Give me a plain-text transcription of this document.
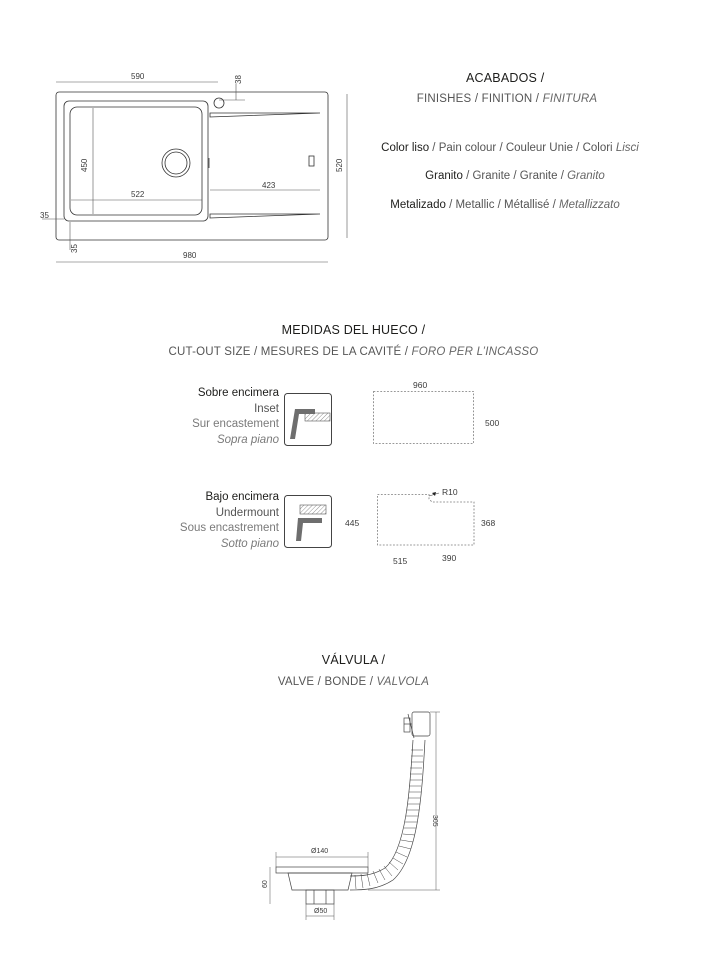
590	38
450	520
522
423
35
35
980
ACABADOS /
FINISHES / FINITION / FINITURA
Color liso / Pain colour / Couleur Unie / Colori Lisci
Granito / Granite / Granite / Granito
Metalizado / Metallic / Métallisé / Metallizzato
MEDIDAS DEL HUECO /
CUT-OUT SIZE / MESURES DE LA CAVITÉ / FORO PER L’INCASSO
Sobre encimera
Inset
Sur encastement
Sopra piano
960
500
Bajo encimera
Undermount
Sous encastrement
Sotto piano
R10
445	368
515	390
VÁLVULA /
VALVE / BONDE / VALVOLA
Ø140
60
Ø50
305
